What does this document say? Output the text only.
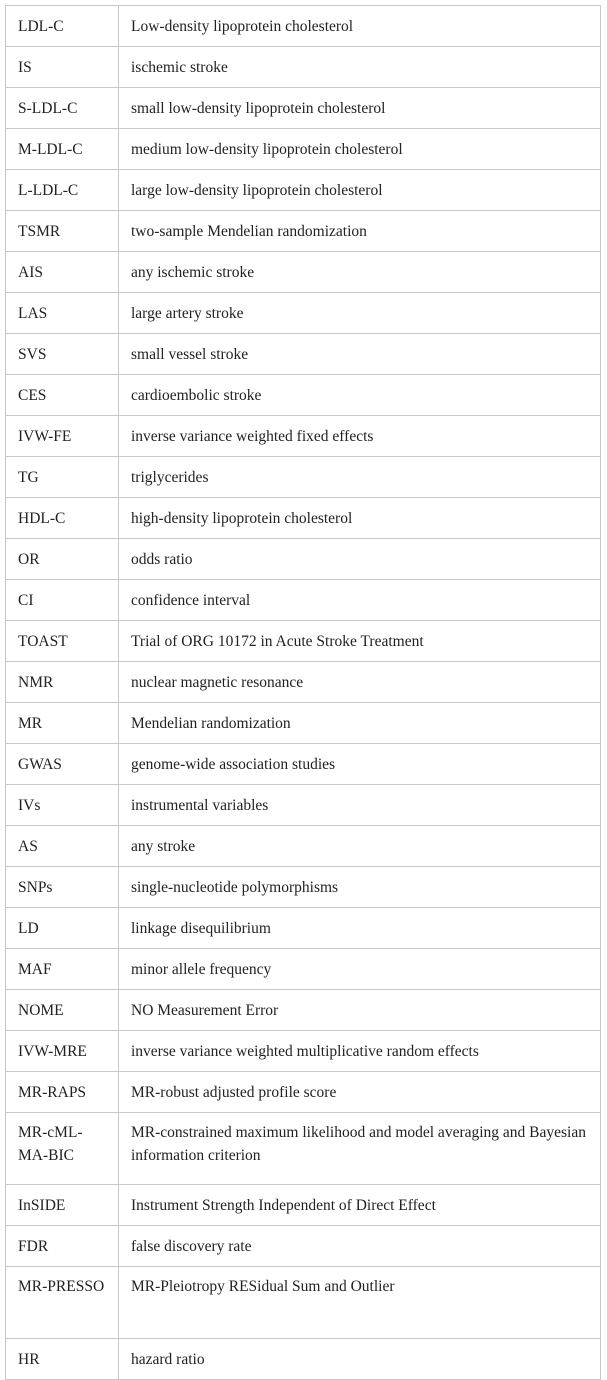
LDL-C	Low-density lipoprotein cholesterol
IS	ischemic stroke
S-LDL-C	small low-density lipoprotein cholesterol
M-LDL-C	medium low-density lipoprotein cholesterol
L-LDL-C	large low-density lipoprotein cholesterol
TSMR	two-sample Mendelian randomization
AIS	any ischemic stroke
LAS	large artery stroke
SVS	small vessel stroke
CES	cardioembolic stroke
IVW-FE	inverse variance weighted fixed effects
TG	triglycerides
HDL-C	high-density lipoprotein cholesterol
OR	odds ratio
CI	confidence interval
TOAST	Trial of ORG 10172 in Acute Stroke Treatment
NMR	nuclear magnetic resonance
MR	Mendelian randomization
GWAS	genome-wide association studies
IVs	instrumental variables
AS	any stroke
SNPs	single-nucleotide polymorphisms
LD	linkage disequilibrium
MAF	minor allele frequency
NOME	NO Measurement Error
IVW-MRE	inverse variance weighted multiplicative random effects
MR-RAPS	MR-robust adjusted profile score
MR-cML-MA-BIC	MR-constrained maximum likelihood and model averaging and Bayesian information criterion
InSIDE	Instrument Strength Independent of Direct Effect
FDR	false discovery rate
MR-PRESSO	MR-Pleiotropy RESidual Sum and Outlier
HR	hazard ratio
